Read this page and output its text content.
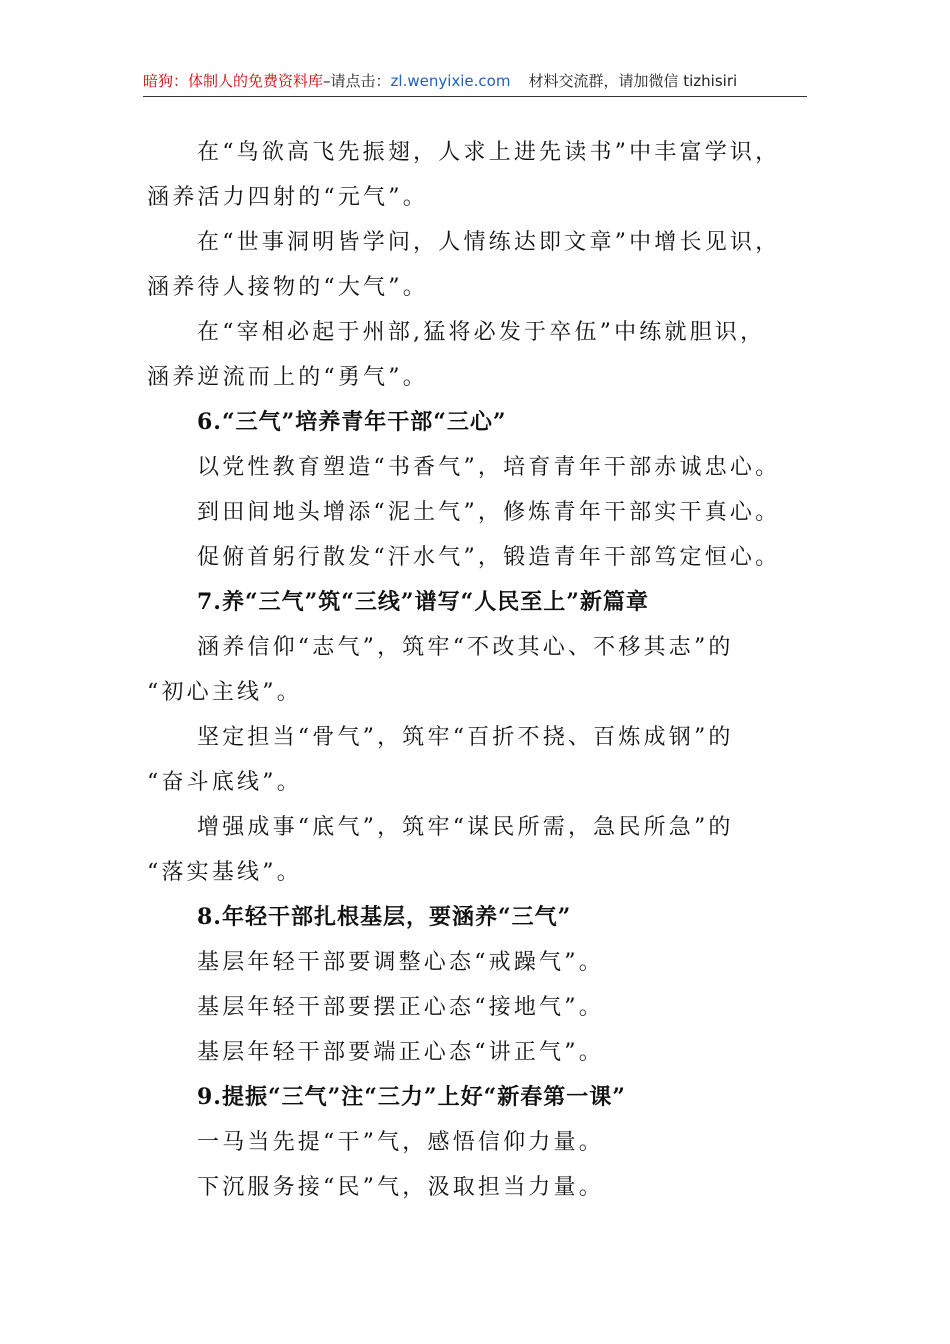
暗狗：体制人的免费资料库–请点击：zl.wenyixie.com 材料交流群，请加微信 tizhisiri
在“鸟欲高飞先振翅，人求上进先读书”中丰富学识，
涵养活力四射的“元气”。
在“世事洞明皆学问，人情练达即文章”中增长见识，
涵养待人接物的“大气”。
在“宰相必起于州部,猛将必发于卒伍”中练就胆识，
涵养逆流而上的“勇气”。
6.“三气”培养青年干部“三心”
以党性教育塑造“书香气”，培育青年干部赤诚忠心。
到田间地头增添“泥土气”，修炼青年干部实干真心。
促俯首躬行散发“汗水气”，锻造青年干部笃定恒心。
7.养“三气”筑“三线”谱写“人民至上”新篇章
涵养信仰“志气”，筑牢“不改其心、不移其志”的
“初心主线”。
坚定担当“骨气”，筑牢“百折不挠、百炼成钢”的
“奋斗底线”。
增强成事“底气”，筑牢“谋民所需，急民所急”的
“落实基线”。
8.年轻干部扎根基层，要涵养“三气”
基层年轻干部要调整心态“戒躁气”。
基层年轻干部要摆正心态“接地气”。
基层年轻干部要端正心态“讲正气”。
9.提振“三气”注“三力”上好“新春第一课”
一马当先提“干”气，感悟信仰力量。
下沉服务接“民”气，汲取担当力量。
